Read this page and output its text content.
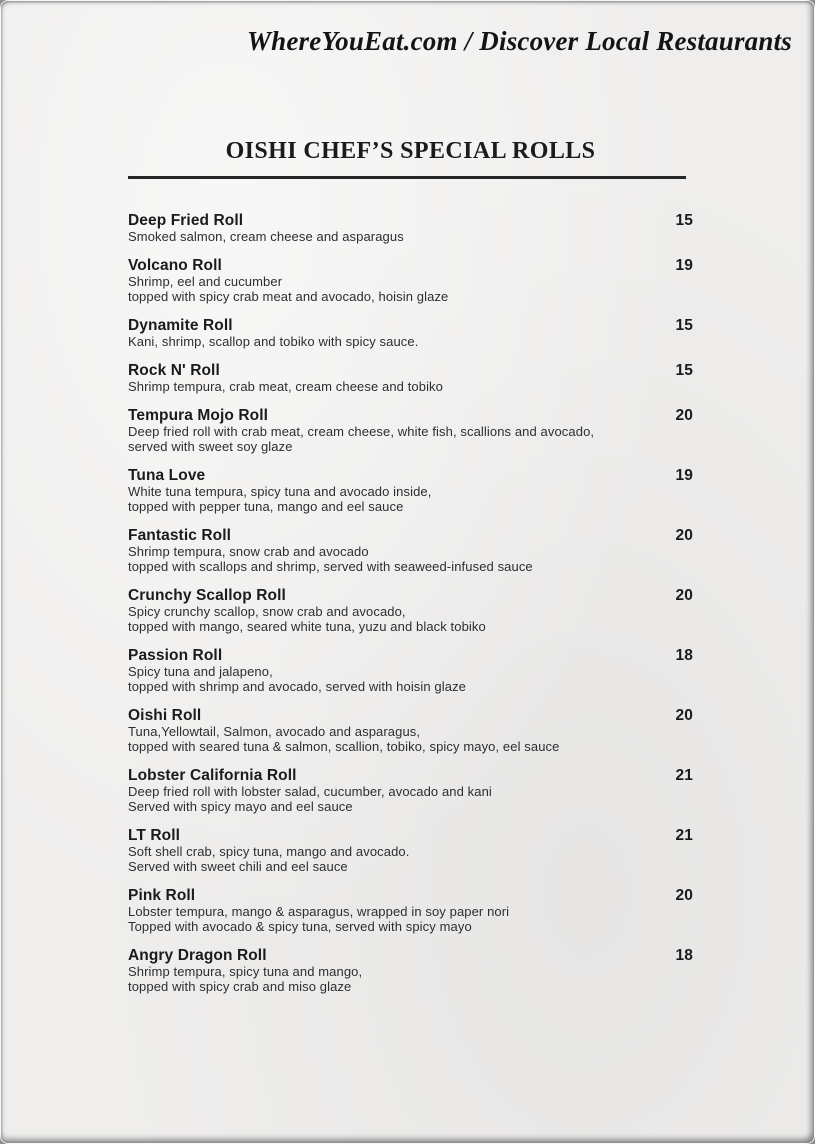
WhereYouEat.com / Discover Local Restaurants
OISHI CHEF’S SPECIAL ROLLS
Deep Fried Roll	15
Smoked salmon, cream cheese and asparagus
Volcano Roll	19
Shrimp, eel and cucumber
topped with spicy crab meat and avocado, hoisin glaze
Dynamite Roll	15
Kani, shrimp, scallop and tobiko with spicy sauce.
Rock N' Roll	15
Shrimp tempura, crab meat, cream cheese and tobiko
Tempura Mojo Roll	20
Deep fried roll with crab meat, cream cheese, white fish, scallions and avocado,
served with sweet soy glaze
Tuna Love	19
White tuna tempura, spicy tuna and avocado inside,
topped with pepper tuna, mango and eel sauce
Fantastic Roll	20
Shrimp tempura, snow crab and avocado
topped with scallops and shrimp, served with seaweed-infused sauce
Crunchy Scallop Roll	20
Spicy crunchy scallop, snow crab and avocado,
topped with mango, seared white tuna, yuzu and black tobiko
Passion Roll	18
Spicy tuna and jalapeno,
topped with shrimp and avocado, served with hoisin glaze
Oishi Roll	20
Tuna,Yellowtail, Salmon, avocado and asparagus,
topped with seared tuna & salmon, scallion, tobiko, spicy mayo, eel sauce
Lobster California Roll	21
Deep fried roll with lobster salad, cucumber, avocado and kani
Served with spicy mayo and eel sauce
LT Roll	21
Soft shell crab, spicy tuna, mango and avocado.
Served with sweet chili and eel sauce
Pink Roll	20
Lobster tempura, mango & asparagus, wrapped in soy paper nori
Topped with avocado & spicy tuna, served with spicy mayo
Angry Dragon Roll	18
Shrimp tempura, spicy tuna and mango,
topped with spicy crab and miso glaze
